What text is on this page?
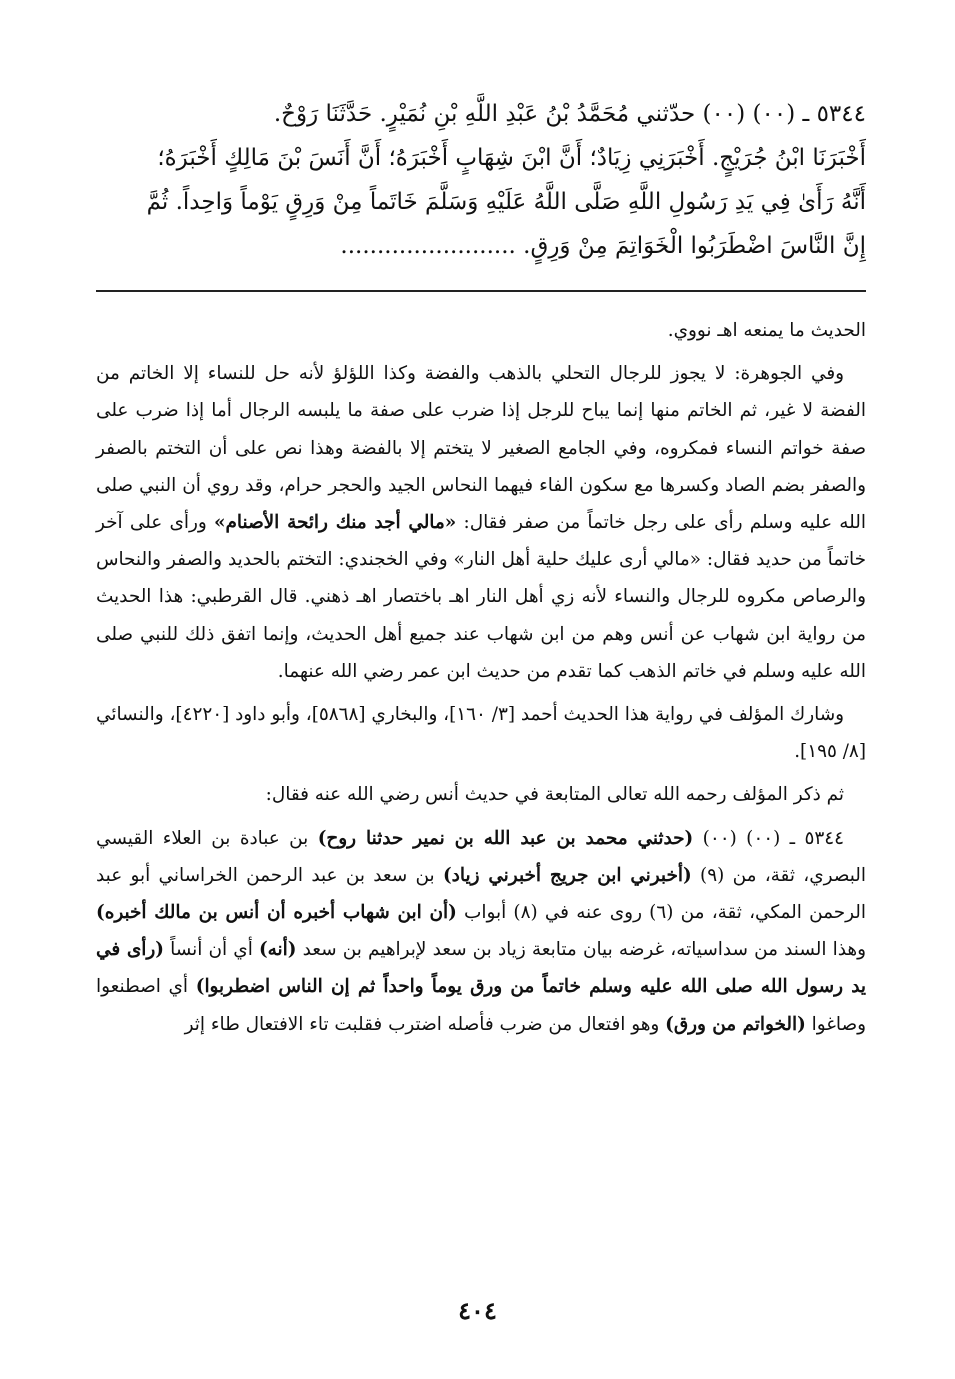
٥٣٤٤ ـ (٠٠) (٠٠) حدّثني مُحَمَّدُ بْنُ عَبْدِ اللَّهِ بْنِ نُمَيْرٍ. حَدَّثَنَا رَوْحٌ.

أَخْبَرَنَا ابْنُ جُرَيْجٍ. أَخْبَرَنِي زِيَادٌ؛ أَنَّ ابْنَ شِهَابٍ أَخْبَرَهُ؛ أَنَّ أَنَسَ بْنَ مَالِكٍ أَخْبَرَهُ؛

أَنَّهُ رَأَىٰ فِي يَدِ رَسُولِ اللَّهِ صَلَّى اللَّهُ عَلَيْهِ وَسَلَّمَ خَاتَماً مِنْ وَرِقٍ يَوْماً وَاحِداً. ثُمَّ

إِنَّ النَّاسَ اضْطَرَبُوا الْخَوَاتِمَ مِنْ وَرِقٍ. ........................

الحديث ما يمنعه اهـ نووي.

وفي الجوهرة: لا يجوز للرجال التحلي بالذهب والفضة وكذا اللؤلؤ لأنه حل للنساء إلا الخاتم من الفضة لا غير، ثم الخاتم منها إنما يباح للرجل إذا ضرب على صفة ما يلبسه الرجال أما إذا ضرب على صفة خواتم النساء فمكروه، وفي الجامع الصغير لا يتختم إلا بالفضة وهذا نص على أن التختم بالصفر والصفر بضم الصاد وكسرها مع سكون الفاء فيهما النحاس الجيد والحجر حرام، وقد روي أن النبي صلى الله عليه وسلم رأى على رجل خاتماً من صفر فقال: «مالي أجد منك رائحة الأصنام» ورأى على آخر خاتماً من حديد فقال: «مالي أرى عليك حلية أهل النار» وفي الخجندي: التختم بالحديد والصفر والنحاس والرصاص مكروه للرجال والنساء لأنه زي أهل النار اهـ باختصار اهـ ذهني. قال القرطبي: هذا الحديث من رواية ابن شهاب عن أنس وهم من ابن شهاب عند جميع أهل الحديث، وإنما اتفق ذلك للنبي صلى الله عليه وسلم في خاتم الذهب كما تقدم من حديث ابن عمر رضي الله عنهما.

وشارك المؤلف في رواية هذا الحديث أحمد [٣/ ١٦٠]، والبخاري [٥٨٦٨]، وأبو داود [٤٢٢٠]، والنسائي [٨/ ١٩٥].

ثم ذكر المؤلف رحمه الله تعالى المتابعة في حديث أنس رضي الله عنه فقال:

٥٣٤٤ ـ (٠٠) (٠٠) (حدثني محمد بن عبد الله بن نمير حدثنا روح) بن عبادة بن العلاء القيسي البصري، ثقة، من (٩) (أخبرني ابن جريج أخبرني زياد) بن سعد بن عبد الرحمن الخراساني أبو عبد الرحمن المكي، ثقة، من (٦) روى عنه في (٨) أبواب (أن ابن شهاب أخبره أن أنس بن مالك أخبره) وهذا السند من سداسياته، غرضه بيان متابعة زياد بن سعد لإبراهيم بن سعد (أنه) أي أن أنساً (رأى في يد رسول الله صلى الله عليه وسلم خاتماً من ورق يوماً واحداً ثم إن الناس اضطربوا) أي اصطنعوا وصاغوا (الخواتم من ورق) وهو افتعال من ضرب فأصله اضترب فقلبت تاء الافتعال طاء إثر

٤٠٤
